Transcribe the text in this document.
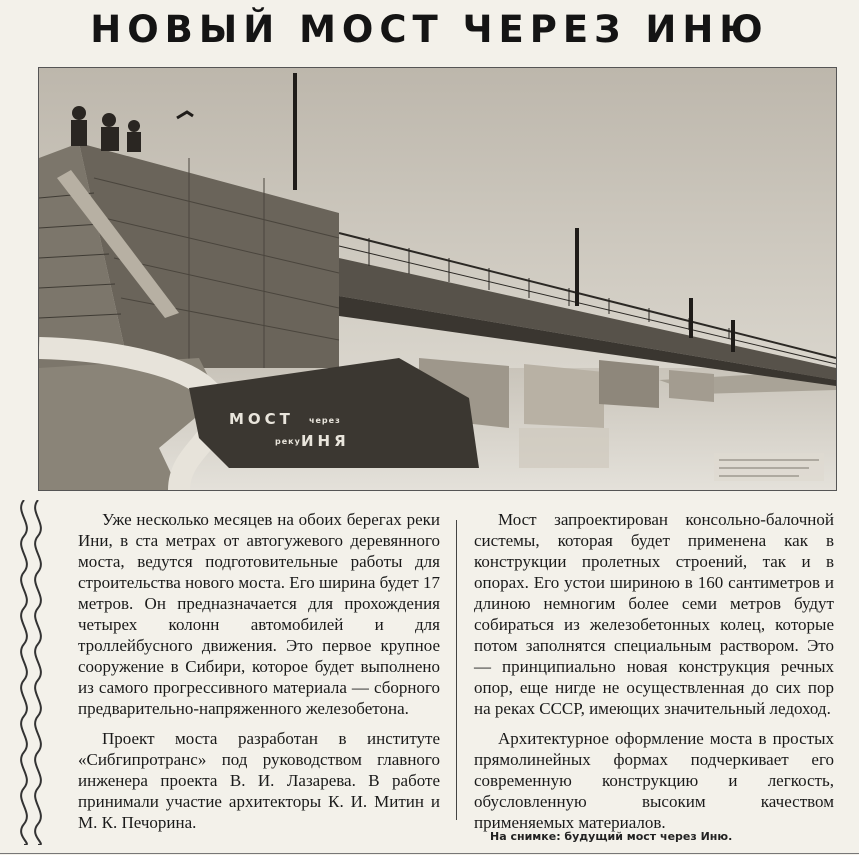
НОВЫЙ МОСТ ЧЕРЕЗ ИНЮ
МОСТ через
реку ИНЯ

Уже несколько месяцев на обоих берегах реки Ини, в ста метрах от автогужевого деревянного моста, ведутся подготовительные работы для строительства нового моста. Его ширина будет 17 метров. Он предназначается для прохождения четырех колонн автомобилей и для троллейбусного движения. Это первое крупное сооружение в Сибири, которое будет выполнено из самого прогрессивного материала — сборного предварительно-напряженного железобетона.

Проект моста разработан в институте «Сибгипротранс» под руководством главного инженера проекта В. И. Лазарева. В работе принимали участие архитекторы К. И. Митин и М. К. Печорина.

Мост запроектирован консольно-балочной системы, которая будет применена как в конструкции пролетных строений, так и в опорах. Его устои шириною в 160 сантиметров и длиною немногим более семи метров будут собираться из железобетонных колец, которые потом заполнятся специальным раствором. Это — принципиально новая конструкция речных опор, еще нигде не осуществленная до сих пор на реках СССР, имеющих значительный ледоход.

Архитектурное оформление моста в простых прямолинейных формах подчеркивает его современную конструкцию и легкость, обусловленную высоким качеством применяемых материалов.

На снимке: будущий мост через Иню.
